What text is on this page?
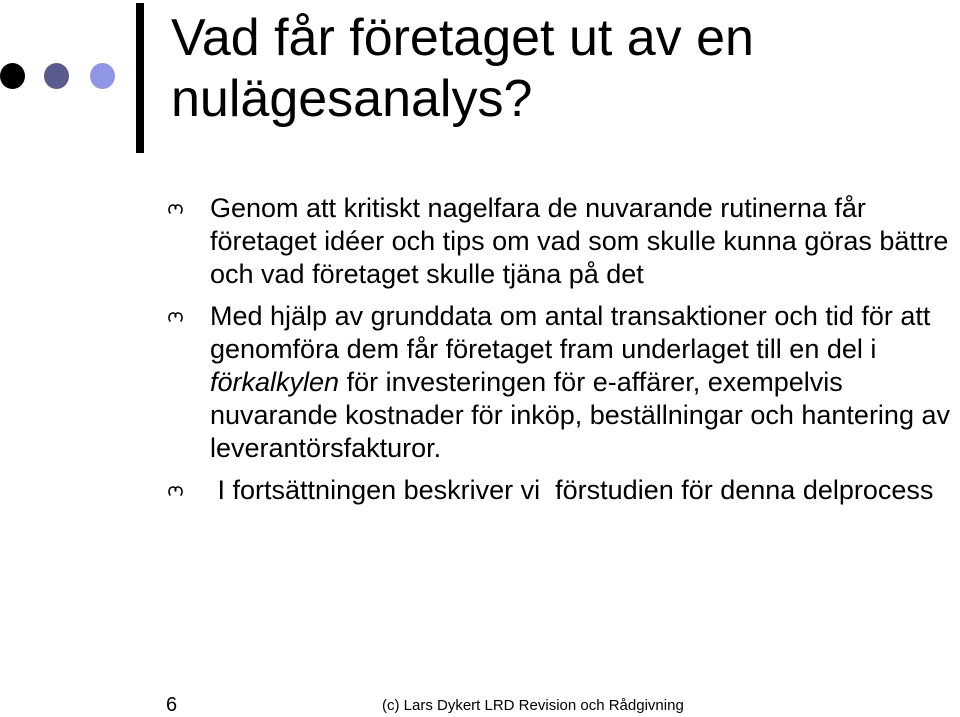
Vad får företaget ut av en
nulägesanalys?
Genom att kritiskt nagelfara de nuvarande rutinerna får företaget idéer och tips om vad som skulle kunna göras bättre och vad företaget skulle tjäna på det
Med hjälp av grunddata om antal transaktioner och tid för att genomföra dem får företaget fram underlaget till en del i  förkalkylen för investeringen för e-affärer, exempelvis nuvarande kostnader för inköp, beställningar och hantering av leverantörsfakturor.
I fortsättningen beskriver vi  förstudien för denna delprocess
6	(c) Lars Dykert LRD Revision och Rådgivning
